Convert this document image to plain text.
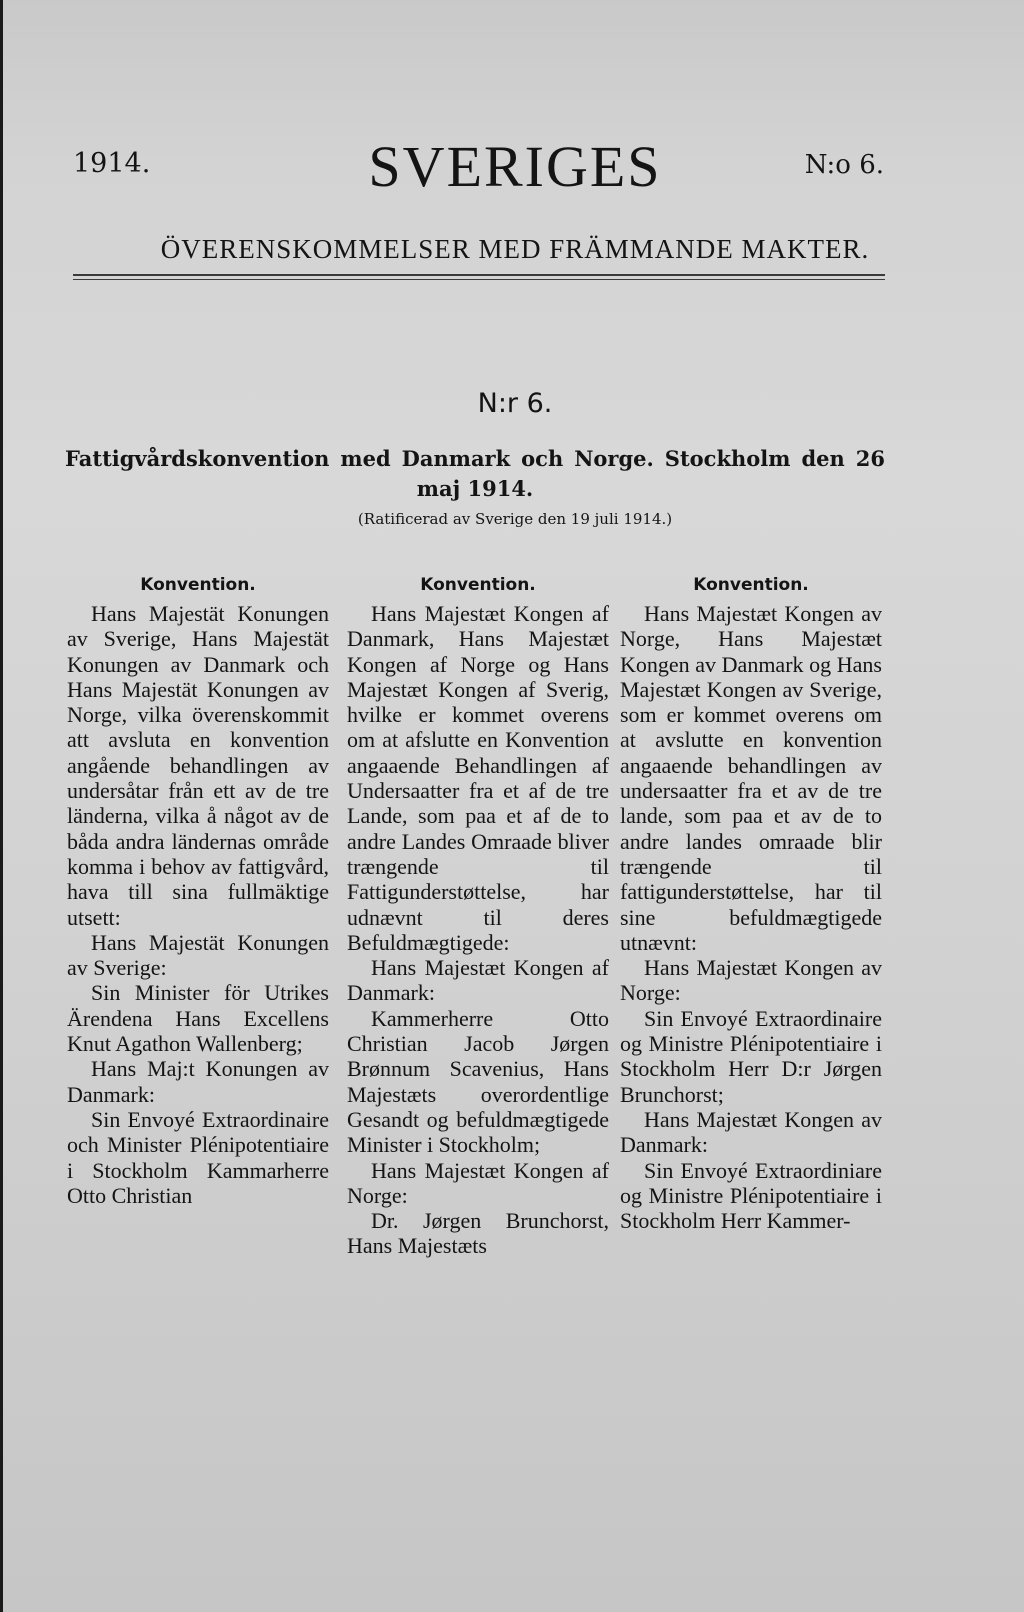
1914.	SVERIGES	N:o 6.
ÖVERENSKOMMELSER MED FRÄMMANDE MAKTER.
N:r 6.
Fattigvårdskonvention med Danmark och Norge. Stockholm den 26 maj 1914.
(Ratificerad av Sverige den 19 juli 1914.)
Konvention.

Hans Majestät Konungen av Sverige, Hans Majestät Konungen av Danmark och Hans Majestät Konungen av Norge, vilka överenskommit att avsluta en konvention angående behandlingen av undersåtar från ett av de tre länderna, vilka å något av de båda andra ländernas område komma i behov av fattigvård, hava till sina fullmäktige utsett:

Hans Majestät Konungen av Sverige:

Sin Minister för Utrikes Ärendena Hans Excellens Knut Agathon Wallenberg;

Hans Maj:t Konungen av Danmark:

Sin Envoyé Extraordinaire och Minister Plénipotentiaire i Stockholm Kammarherre Otto Christian

Konvention.

Hans Majestæt Kongen af Danmark, Hans Majestæt Kongen af Norge og Hans Majestæt Kongen af Sverig, hvilke er kommet overens om at afslutte en Konvention angaaende Behandlingen af Undersaatter fra et af de tre Lande, som paa et af de to andre Landes Omraade bliver trængende til Fattigunderstøttelse, har udnævnt til deres Befuldmægtigede:

Hans Majestæt Kongen af Danmark:

Kammerherre Otto Christian Jacob Jørgen Brønnum Scavenius, Hans Majestæts overordentlige Gesandt og befuldmægtigede Minister i Stockholm;

Hans Majestæt Kongen af Norge:

Dr. Jørgen Brunchorst, Hans Majestæts

Konvention.

Hans Majestæt Kongen av Norge, Hans Majestæt Kongen av Danmark og Hans Majestæt Kongen av Sverige, som er kommet overens om at avslutte en konvention angaaende behandlingen av undersaatter fra et av de tre lande, som paa et av de to andre landes omraade blir trængende til fattigunderstøttelse, har til sine befuldmægtigede utnævnt:

Hans Majestæt Kongen av Norge:

Sin Envoyé Extraordinaire og Ministre Plénipotentiaire i Stockholm Herr D:r Jørgen Brunchorst;

Hans Majestæt Kongen av Danmark:

Sin Envoyé Extraordiniare og Ministre Plénipotentiaire i Stockholm Herr Kammer-
